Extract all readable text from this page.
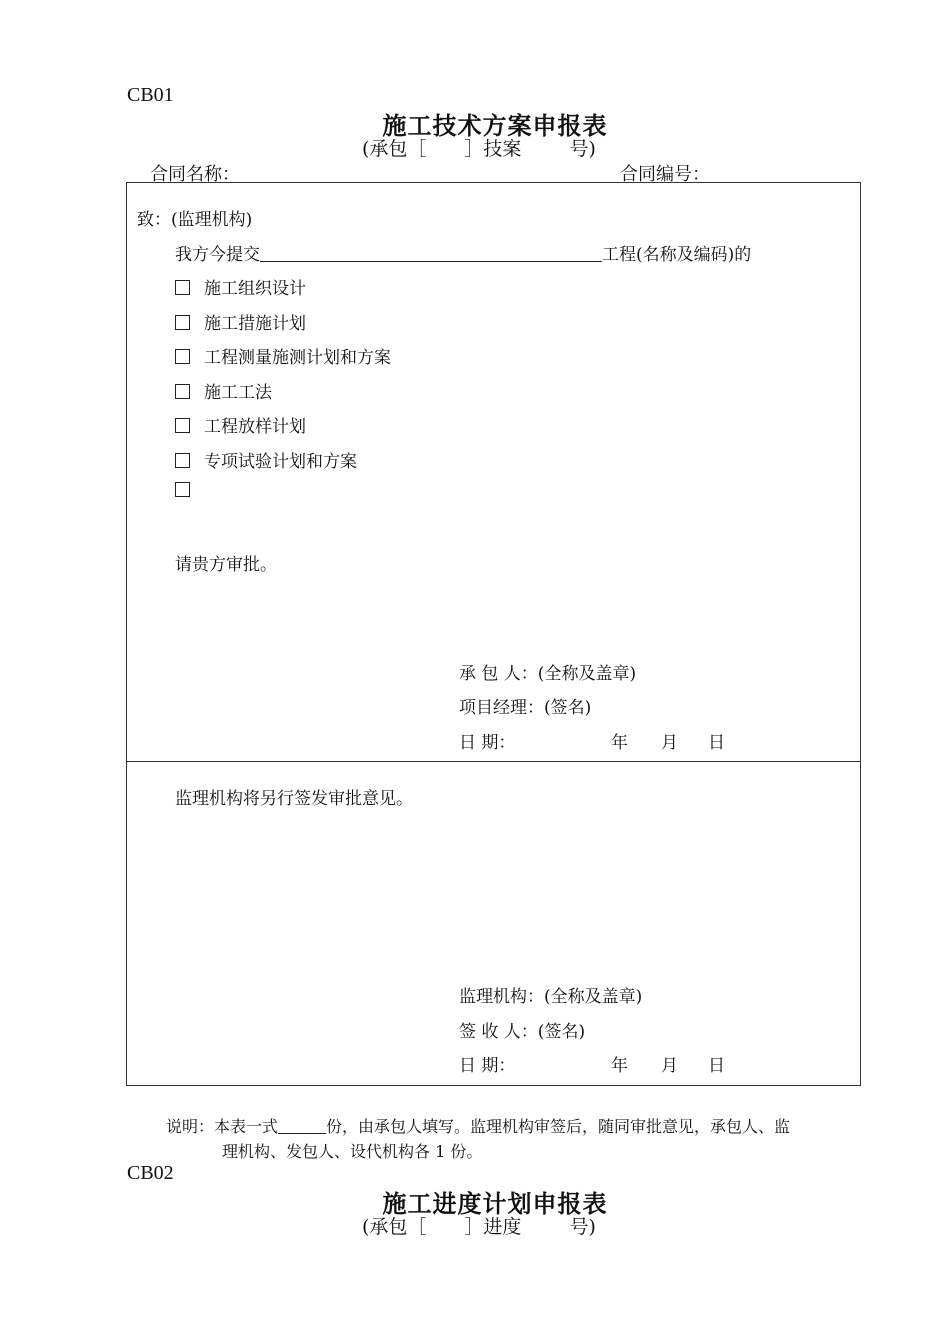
CB01
施工技术方案申报表
(承包［ ］技案	号)
合同名称：	合同编号：
致：(监理机构)
我方今提交	工程(名称及编码)的
施工组织设计
施工措施计划
工程测量施测计划和方案
施工工法
工程放样计划
专项试验计划和方案
请贵方审批。
承 包 人：(全称及盖章)
项目经理：(签名)
日 期：	年 月 日
监理机构将另行签发审批意见。
监理机构：(全称及盖章)
签 收 人：(签名)
日 期：	年 月 日
说明：本表一式	份，由承包人填写。监理机构审签后，随同审批意见，承包人、监
理机构、发包人、设代机构各 1 份。
CB02
施工进度计划申报表
(承包［ ］进度	号)
